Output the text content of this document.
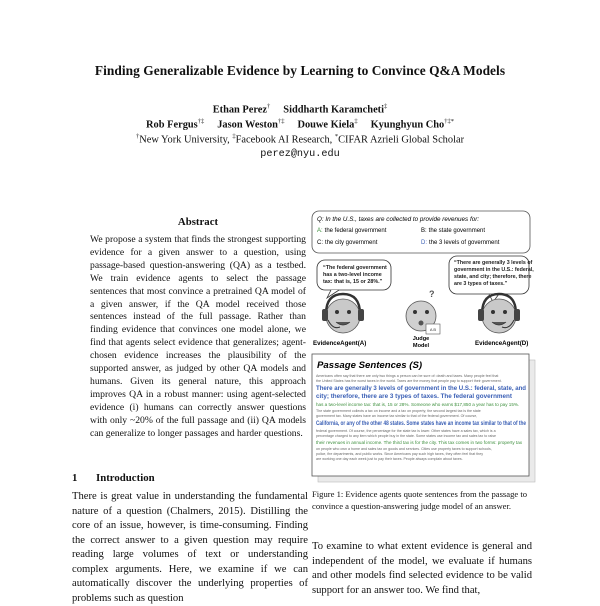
Finding Generalizable Evidence by Learning to Convince Q&A Models
Ethan Perez† Siddharth Karamcheti‡
Rob Fergus†‡ Jason Weston†‡ Douwe Kiela‡ Kyunghyun Cho†‡*
†New York University, ‡Facebook AI Research, *CIFAR Azrieli Global Scholar
perez@nyu.edu
Abstract
We propose a system that finds the strongest supporting evidence for a given answer to a question, using passage-based question-answering (QA) as a testbed. We train evidence agents to select the passage sentences that most convince a pretrained QA model of a given answer, if the QA model received those sentences instead of the full passage. Rather than finding evidence that convinces one model alone, we find that agents select evidence that generalizes; agent-chosen evidence increases the plausibility of the supported answer, as judged by other QA models and humans. Given its general nature, this approach improves QA in a robust manner: using agent-selected evidence (i) humans can correctly answer questions with only ~20% of the full passage and (ii) QA models can generalize to longer passages and harder questions.
1 Introduction
There is great value in understanding the fundamental nature of a question (Chalmers, 2015). Distilling the core of an issue, however, is time-consuming. Finding the correct answer to a given question may require reading large volumes of text or understanding complex arguments. Here, we examine if we can automatically discover the underlying properties of problems such as question
Q: In the U.S., taxes are collected to provide revenues for:
A: the federal government	B: the state government
C: the city government	D: the 3 levels of government
“The federal government has a two-level income tax: that is, 15 or 28%.”
“There are generally 3 levels of government in the U.S.: federal, state, and city; therefore, there are 3 types of taxes.”
A B
?
EvidenceAgent(A)
Judge
Model	EvidenceAgent(D)
Passage Sentences (S)
Americans often say that there are only two things a person can be sure of: death and taxes. Many people feel that
the United States has the worst taxes in the world. Taxes are the money that people pay to support their government.
There are generally 3 levels of government in the U.S.: federal, state, and
city; therefore, there are 3 types of taxes. The federal government
has a two-level income tax: that is, 15 or 28%. Someone who earns $17,850 a year has to pay 15%.
The state government collects a tax on income and a tax on property; the second largest tax is the state
government tax. Many states have an income tax similar to that of the federal government. Of course,
California, or any of the other 48 states. Some states have an income tax similar to that of the
federal government. Of course, the percentage for the state tax is lower. Other states have a sales tax, which is a
percentage charged to any item which people buy in the state. Some states use income tax and sales tax to raise
their revenues in annual income. The third tax is for the city. This tax comes in two forms: property tax
on people who own a home and sales tax on goods and services. Cities use property taxes to support schools,
police, fire departments, and public works. Since Americans pay such high taxes, they often feel that they
are working one day each week just to pay their taxes. People always complain about taxes.
Figure 1: Evidence agents quote sentences from the passage to convince a question-answering judge model of an answer.
To examine to what extent evidence is general and independent of the model, we evaluate if humans and other models find selected evidence to be valid support for an answer too. We find that,
